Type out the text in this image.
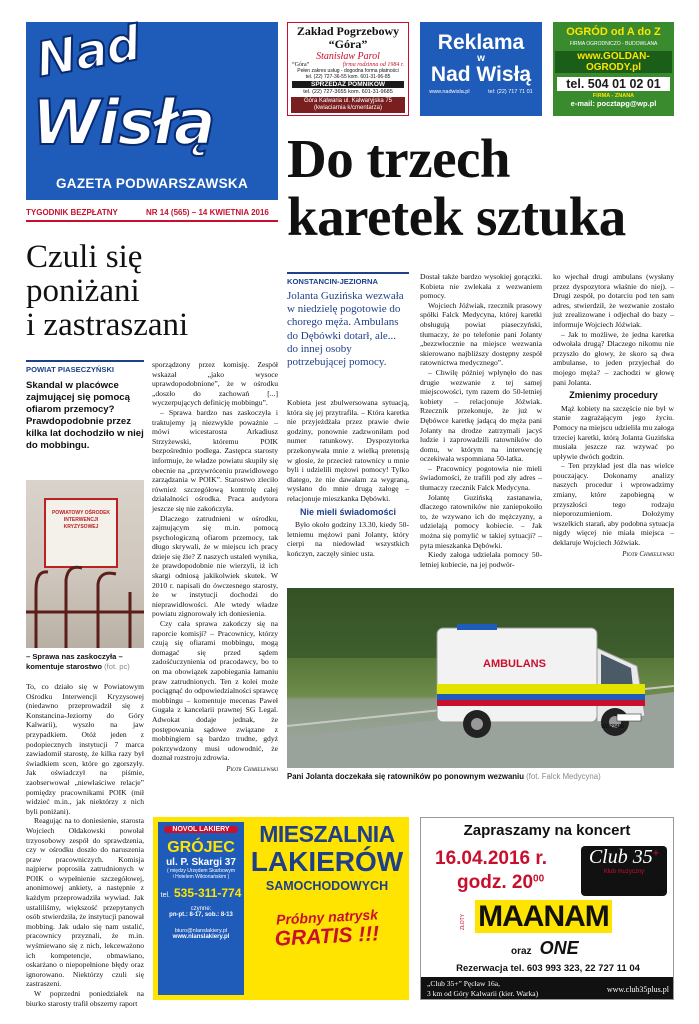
Nad
Wisłą
GAZETA PODWARSZAWSKA
TYGODNIK BEZPŁATNY	NR 14 (565) – 14 KWIETNIA 2016
Zakład Pogrzebowy
“Góra”
Stanisław Parol
“Góra”	firma rodzinna od 1984 r.
Pełen zakres usług - dogodna forma płatności
tel. (22) 727-36-55 kom. 601-31-96-85
SPRZEDAŻ POMNIKÓW
tel. (22) 727-3655 kom. 601-31-9685
Góra Kalwaria ul. Kalwaryjska 75
(kwiaciarnia k/cmentarza)
Reklama
w
Nad Wisłą
www.nadwisla.pl	tel: (22) 717 71 01
OGRÓD od A do Z
FIRMA OGRODNICZO - BUDOWLANA
www.GOLDAN-OGRODY.pl
tel. 504 01 02 01
FIRMA - ZNANA
e-mail: pocztapg@wp.pl
Do trzech
karetek sztuka
Czuli się
poniżani
i zastraszani
POWIAT PIASECZYŃSKI
Skandal w placówce zajmującej się pomocą ofiarom przemocy? Prawdopodobnie przez kilka lat dochodziło w niej do mobbingu.
POWIATOWY OŚRODEK INTERWENCJI KRYZYSOWEJ
– Sprawa nas zaskoczyła – komentuje starostwo (fot. pc)

To, co działo się w Powiatowym Ośrodku Interwencji Kryzysowej (niedawno przeprowadził się z Konstancina-Jeziorny do Góry Kalwarii), wyszło na jaw przypadkiem. Otóż jeden z podopiecznych instytucji 7 marca zawiadomił starostę, że kilka razy był świadkiem scen, które go zgorszyły. Jak oświadczył na piśmie, zaobserwował „niewłaściwe relacje” pomiędzy pracownikami POIK (mił widzieć m.in., jak niektórzy z nich byli poniżani).

Reagując na to doniesienie, starosta Wojciech Ołdakowski powołał trzyosobowy zespół do sprawdzenia, czy w ośrodku doszło do naruszenia praw pracowniczych. Komisja najpierw poprosiła zatrudnionych w POIK o wypełnienie szczegółowej, anonimowej ankiety, a następnie z każdym przeprowadziła wywiad. Jak ustaliliśmy, większość przepytanych osób stwierdziła, że instytucji panował mobbing. Jak udało się nam ustalić, pracownicy przyznali, że m.in. wyśmiewano się z nich, lekceważono ich kompetencje, obmawiano, oskarżano o niepopełnione błędy oraz ignorowano. Niektórzy czuli się zastraszeni.

W poprzedni poniedziałek na biurko starosty trafił obszerny raport

sporządzony przez komisję. Zespół wskazał „jako wysoce uprawdopodobnione”, że w ośrodku „doszło do zachowań [...] wyczerpujących definicję mobbingu”.

– Sprawa bardzo nas zaskoczyła i traktujemy ją niezwykle poważnie – mówi wicestarosta Arkadiusz Strzyżewski, któremu POIK bezpośrednio podlega. Zastępca starosty informuje, że władze powiatu skupiły się obecnie na „przywróceniu prawidłowego zarządzania w POIK”. Starostwo zleciło również szczegółową kontrolę całej działalności ośrodka. Praca audytora jeszcze się nie zakończyła.

Dlaczego zatrudnieni w ośrodku, zajmującym się m.in. pomocą psychologiczną ofiarom przemocy, tak długo skrywali, że w miejscu ich pracy dzieje się źle? Z naszych ustaleń wynika, że prawdopodobnie nie wierzyli, iż ich skargi odniosą jakikolwiek skutek. W 2010 r. napisali do ówczesnego starosty, że w instytucji dochodzi do nieprawidłowości. Ale wtedy władze powiatu zignorowały ich doniesienia.

Czy cała sprawa zakończy się na raporcie komisji? – Pracownicy, którzy czują się ofiarami mobbingu, mogą domagać się przed sądem zadośćuczynienia od pracodawcy, bo to on ma obowiązek zapobiegania łamaniu praw zatrudnionych. Ten z kolei może pociągnąć do odpowiedzialności sprawcę mobbingu – komentuje mecenas Paweł Gugała z kancelarii prawnej SG Legal. Adwokat dodaje jednak, że postępowania sądowe związane z mobbingiem są bardzo trudne, gdyż pokrzywdzony musi udowodnić, że doznał rozstroju zdrowia.

Piotr Chmielewski
KONSTANCIN-JEZIORNA
Jolanta Guzińska wezwała w niedzielę pogotowie do chorego męża. Ambulans do Dębówki dotarł, ale... do innej osoby potrzebującej pomocy.

Kobieta jest zbulwersowana sytuacją, która się jej przytrafiła. – Która karetka nie przyjeżdżała przez prawie dwie godziny, ponownie zadzwoniłam pod numer ratunkowy. Dyspozytorka przekonywała mnie z wielką pretensją w głosie, że przecież ratownicy u mnie byli i udzielili mężowi pomocy! Tylko dlatego, że nie dawałam za wygraną, wysłano do mnie drugą załogę – relacjonuje mieszkanka Dębówki.

Nie mieli świadomości

Było około godziny 13.30, kiedy 50-letniemu mężowi pani Jolanty, który cierpi na niedowład wszystkich kończyn, zaczęły siniec usta.

Dostał także bardzo wysokiej gorączki. Kobieta nie zwlekała z wezwaniem pomocy.

Wojciech Jóźwiak, rzecznik prasowy spółki Falck Medycyna, której karetki obsługują powiat piaseczyński, tłumaczy, że po telefonie pani Jolanty „bezzwłocznie na miejsce wezwania skierowano najbliższy dostępny zespół ratownictwa medycznego”.

– Chwilę później wpłynęło do nas drugie wezwanie z tej samej miejscowości, tym razem do 50-letniej kobiety – relacjonuje Jóźwiak. Rzecznik przekonuje, że już w Dębówce karetkę jadącą do męża pani Jolanty na drodze zatrzymali jacyś ludzie i zaprowadzili ratowników do domu, w którym na interwencję oczekiwała wspomniana 50-latka.

– Pracownicy pogotowia nie mieli świadomości, że trafili pod zły adres – tłumaczy rzecznik Falck Medycyna.

Jolantę Guzińską zastanawia, dlaczego ratowników nie zaniepokoiło to, że wzywano ich do mężczyzny, a udzielają pomocy kobiecie. – Jak można się pomylić w takiej sytuacji? – pyta mieszkanka Dębówki.

Kiedy załoga udzielała pomocy 50-letniej kobiecie, na jej podwór-

ko wjechał drugi ambulans (wysłany przez dyspozytora właśnie do niej). – Drugi zespół, po dotarciu pod ten sam adres, stwierdził, że wezwanie zostało już zrealizowane i odjechał do bazy – informuje Wojciech Jóźwiak.

– Jak to możliwe, że jedna karetka odwołała drugą? Dlaczego nikomu nie przyszło do głowy, że skoro są dwa ambulanse, to jeden przyjechał do mojego męża? – zachodzi w głowę pani Jolanta.

Zmienimy procedury

Mąż kobiety na szczęście nie był w stanie zagrażającym jego życiu. Pomocy na miejscu udzieliła mu załoga trzeciej karetki, którą Jolanta Guzińska musiała jeszcze raz wzywać po upływie dwóch godzin.

– Ten przykład jest dla nas wielce pouczający. Dokonamy analizy naszych procedur i wprowadzimy zmiany, które zapobiegną w przyszłości tego rodzaju nieporozumieniom. Dołożymy wszelkich starań, aby podobna sytuacja nigdy więcej nie miała miejsca – deklaruje Wojciech Jóźwiak.

Piotr Chmielewski
AMBULANS
WZ 23456
Pani Jolanta doczekała się ratowników po ponownym wezwaniu (fot. Falck Medycyna)
NOVOL LAKIERY
GRÓJEC
ul. P. Skargi 37
( między Urzędem Skarbowym
i Hotelem Wiktoriańskim )
tel. 535-311-774
czynne:
pn-pt.: 8-17, sob.: 8-13
biuro@nlanslakiery.pl
www.nlanslakiery.pl
MIESZALNIA
LAKIERÓW
SAMOCHODOWYCH
Próbny natrysk
GRATIS !!!
Zapraszamy na koncert
16.04.2016 r.
godz. $20^{00}$
Club 35+
Klub muzyczny
ZŁOTY MAANAM
oraz ONE
Rezerwacja tel. 603 993 323, 22 727 11 04
„Club 35+” Pęcław 16a,
3 km od Góry Kalwarii (kier. Warka)	www.club35plus.pl
